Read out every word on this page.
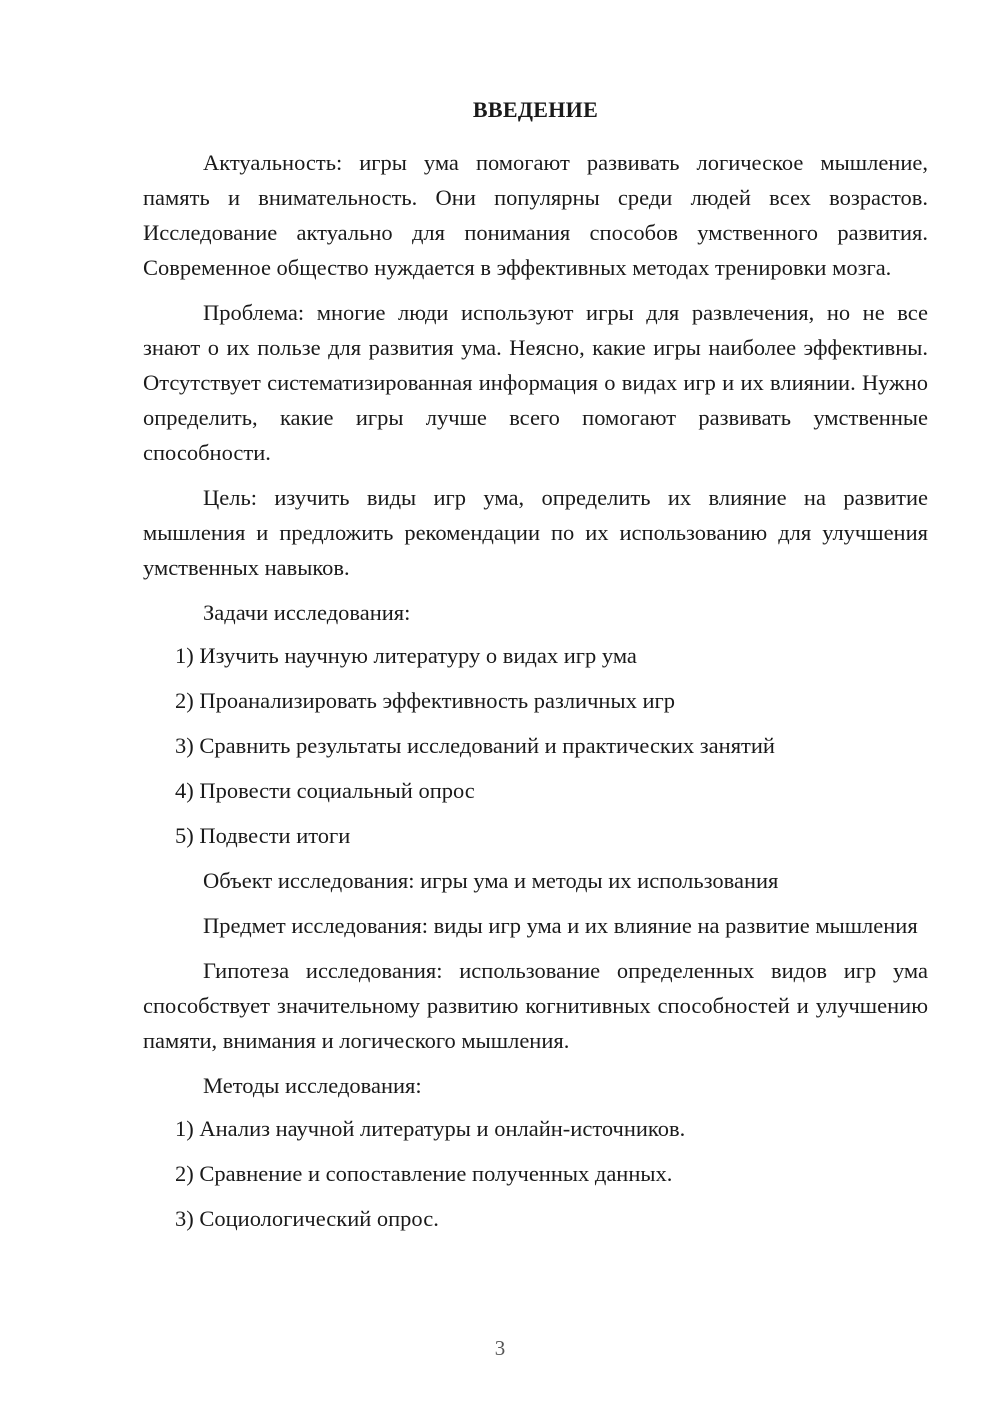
ВВЕДЕНИЕ

Актуальность: игры ума помогают развивать логическое мышление, память и внимательность. Они популярны среди людей всех возрастов. Исследование актуально для понимания способов умственного развития. Современное общество нуждается в эффективных методах тренировки мозга.

Проблема: многие люди используют игры для развлечения, но не все знают о их пользе для развития ума. Неясно, какие игры наиболее эффективны. Отсутствует систематизированная информация о видах игр и их влиянии. Нужно определить, какие игры лучше всего помогают развивать умственные способности.

Цель: изучить виды игр ума, определить их влияние на развитие мышления и предложить рекомендации по их использованию для улучшения умственных навыков.

Задачи исследования:

1) Изучить научную литературу о видах игр ума
2) Проанализировать эффективность различных игр
3) Сравнить результаты исследований и практических занятий
4) Провести социальный опрос
5) Подвести итоги

Объект исследования: игры ума и методы их использования

Предмет исследования: виды игр ума и их влияние на развитие мышления

Гипотеза исследования: использование определенных видов игр ума способствует значительному развитию когнитивных способностей и улучшению памяти, внимания и логического мышления.

Методы исследования:

1) Анализ научной литературы и онлайн-источников.
2) Сравнение и сопоставление полученных данных.
3) Социологический опрос.
3
